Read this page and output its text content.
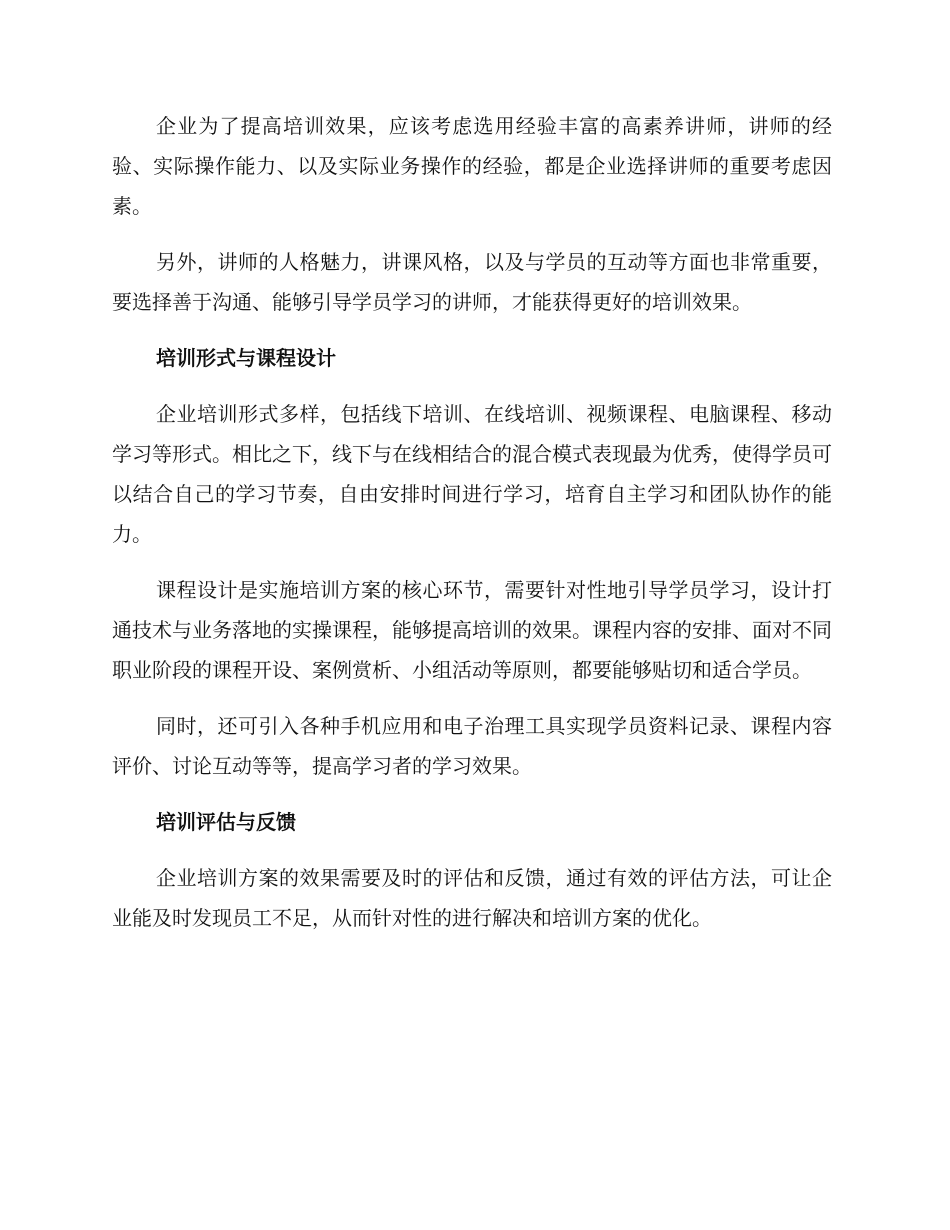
企业为了提高培训效果，应该考虑选用经验丰富的高素养讲师，讲师的经验、实际操作能力、以及实际业务操作的经验，都是企业选择讲师的重要考虑因素。

另外，讲师的人格魅力，讲课风格，以及与学员的互动等方面也非常重要，要选择善于沟通、能够引导学员学习的讲师，才能获得更好的培训效果。

培训形式与课程设计

企业培训形式多样，包括线下培训、在线培训、视频课程、电脑课程、移动学习等形式。相比之下，线下与在线相结合的混合模式表现最为优秀，使得学员可以结合自己的学习节奏，自由安排时间进行学习，培育自主学习和团队协作的能力。

课程设计是实施培训方案的核心环节，需要针对性地引导学员学习，设计打通技术与业务落地的实操课程，能够提高培训的效果。课程内容的安排、面对不同职业阶段的课程开设、案例赏析、小组活动等原则，都要能够贴切和适合学员。

同时，还可引入各种手机应用和电子治理工具实现学员资料记录、课程内容评价、讨论互动等等，提高学习者的学习效果。

培训评估与反馈

企业培训方案的效果需要及时的评估和反馈，通过有效的评估方法，可让企业能及时发现员工不足，从而针对性的进行解决和培训方案的优化。
